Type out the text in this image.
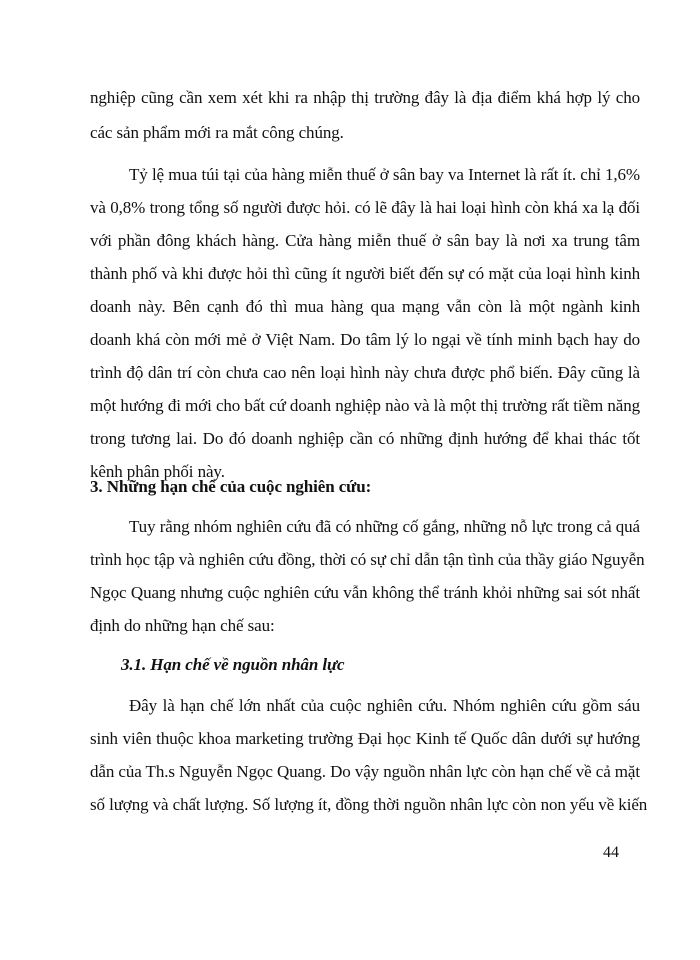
nghiệp cũng cần xem xét khi ra nhập thị trường đây là địa điểm khá hợp lý cho
các sản phẩm mới ra mắt công chúng.
Tỷ lệ mua túi tại của hàng miễn thuế ở sân bay va Internet là rất ít. chỉ 1,6%
và 0,8% trong tổng số người được hỏi. có lẽ đây là hai loại hình còn khá xa lạ đối
với phần đông khách hàng. Cửa hàng miễn thuế ở sân bay là nơi xa trung tâm
thành phố và khi được hỏi thì cũng ít người biết đến sự có mặt của loại hình kinh
doanh này. Bên cạnh đó thì mua hàng qua mạng vẫn còn là một ngành kinh
doanh khá còn mới mẻ ở Việt Nam. Do tâm lý lo ngại về tính minh bạch hay do
trình độ dân trí còn chưa cao nên loại hình này chưa được phổ biến. Đây cũng là
một hướng đi mới cho bất cứ doanh nghiệp nào và là một thị trường rất tiềm năng
trong tương lai. Do đó doanh nghiệp cần có những định hướng để khai thác tốt
kênh phân phối này.
3. Những hạn chế của cuộc nghiên cứu:
Tuy rằng nhóm nghiên cứu đã có những cố gắng, những nỗ lực trong cả quá
trình học tập và nghiên cứu đồng, thời có sự chỉ dẫn tận tình của thầy giáo Nguyễn
Ngọc Quang nhưng cuộc nghiên cứu vẫn không thể tránh khỏi những sai sót nhất
định do những hạn chế sau:
3.1. Hạn chế về nguồn nhân lực
Đây là hạn chế lớn nhất của cuộc nghiên cứu. Nhóm nghiên cứu gồm sáu
sinh viên thuộc khoa marketing trường Đại học Kinh tế Quốc dân dưới sự hướng
dẫn của Th.s Nguyễn Ngọc Quang. Do vậy nguồn nhân lực còn hạn chế về cả mặt
số lượng và chất lượng. Số lượng ít, đồng thời nguồn nhân lực còn non yếu về kiến
44
